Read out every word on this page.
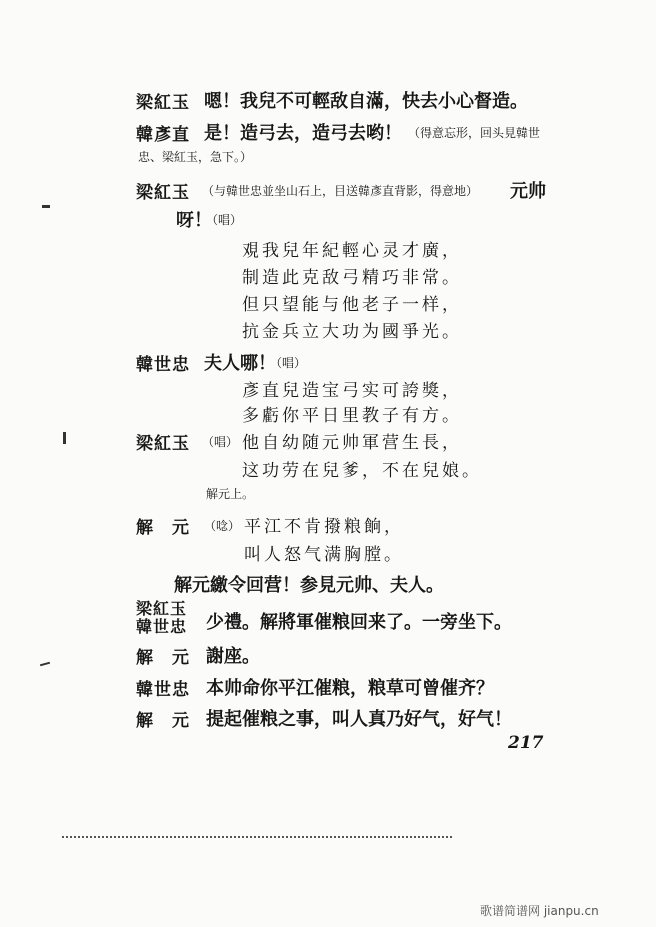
梁紅玉 嗯！我兒不可輕敌自滿，快去小心督造。
韓彥直 是！造弓去，造弓去哟！ （得意忘形，回头見韓世
忠、梁紅玉，急下。）
梁紅玉 （与韓世忠並坐山石上，目送韓彥直背影，得意地） 元帅
呀！
（唱）
覌我兒年紀輕心灵才廣，
制造此克敌弓精巧非常。
但只望能与他老子一样，
抗金兵立大功为國爭光。
韓世忠 夫人哪！
（唱）
彥直兒造宝弓实可誇獎，
多虧你平日里教子有方。
梁紅玉 （唱） 他自幼随元帅軍营生長，
这功劳在兒爹，不在兒娘。
解元上。
解　元 （唸） 平江不肯撥粮餉，
叫人怒气满胸膛。
解元繳令回营！参見元帅、夫人。
梁紅玉
韓世忠 少禮。解將軍催粮回来了。一旁坐下。
解　元 謝座。
韓世忠 本帅命你平江催粮，粮草可曾催齐？
解　元 提起催粮之事，叫人真乃好气，好气！
217
歌谱简谱网 jianpu.cn
